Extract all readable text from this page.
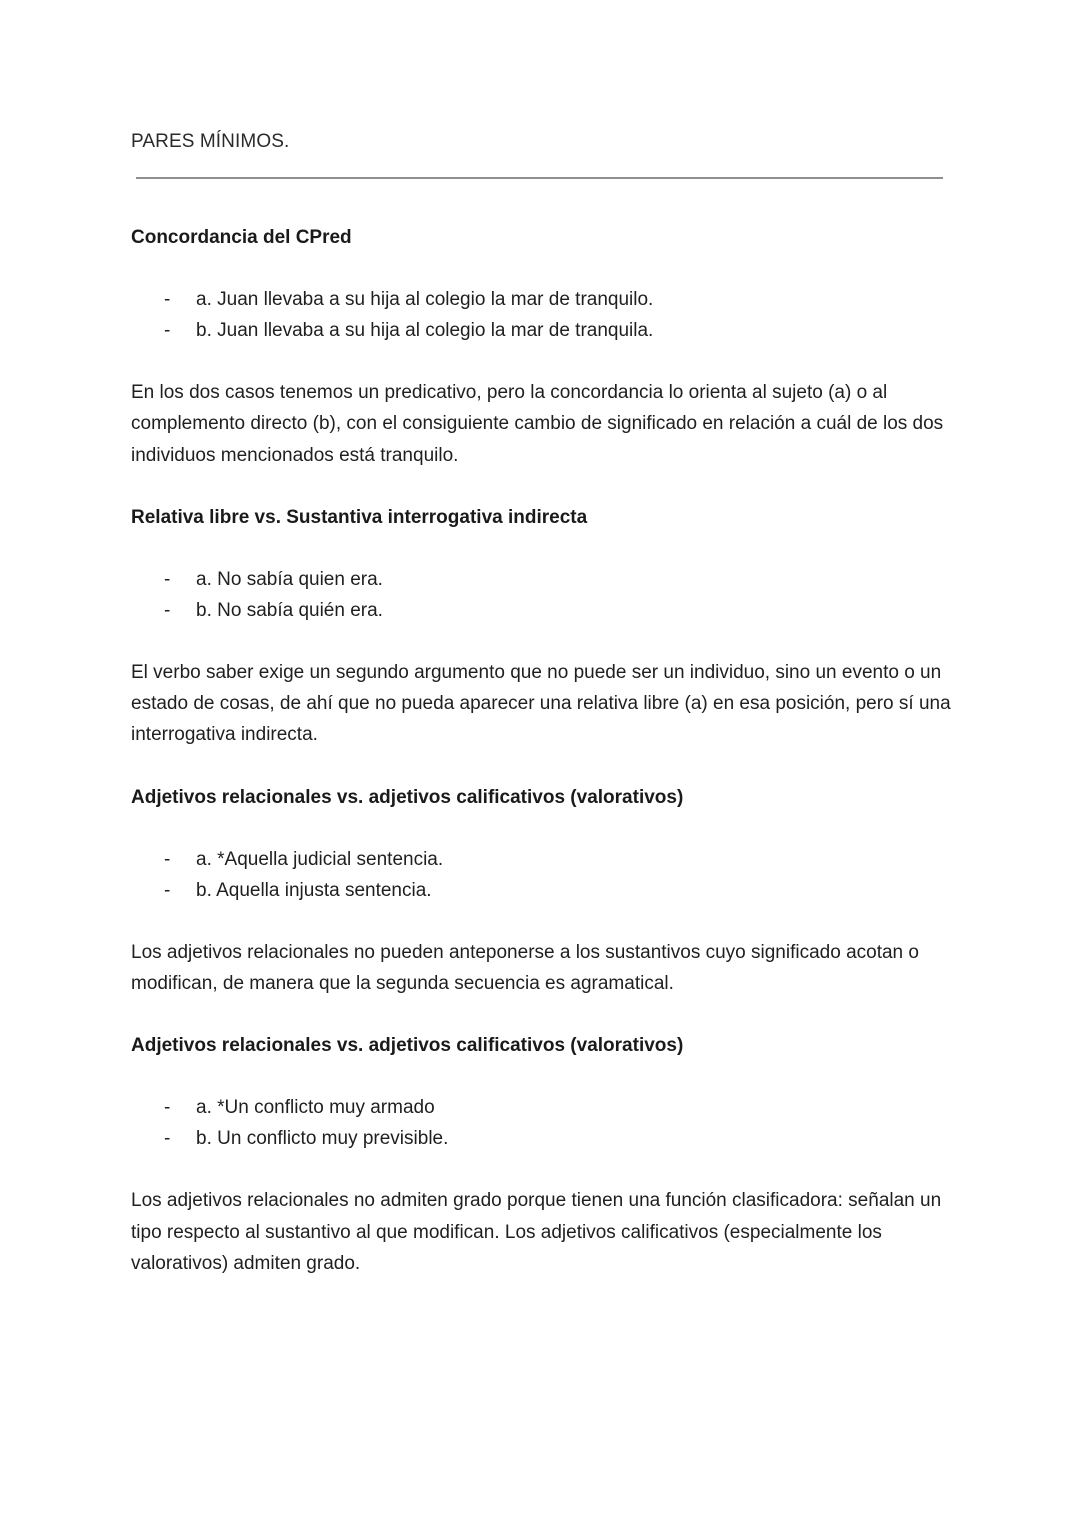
PARES MÍNIMOS.
Concordancia del CPred
- a. Juan llevaba a su hija al colegio la mar de tranquilo.
- b. Juan llevaba a su hija al colegio la mar de tranquila.

En los dos casos tenemos un predicativo, pero la concordancia lo orienta al sujeto (a) o al complemento directo (b), con el consiguiente cambio de significado en relación a cuál de los dos individuos mencionados está tranquilo.

Relativa libre vs. Sustantiva interrogativa indirecta
- a. No sabía quien era.
- b. No sabía quién era.

El verbo saber exige un segundo argumento que no puede ser un individuo, sino un evento o un estado de cosas, de ahí que no pueda aparecer una relativa libre (a) en esa posición, pero sí una interrogativa indirecta.

Adjetivos relacionales vs. adjetivos calificativos (valorativos)
- a. *Aquella judicial sentencia.
- b. Aquella injusta sentencia.

Los adjetivos relacionales no pueden anteponerse a los sustantivos cuyo significado acotan o modifican, de manera que la segunda secuencia es agramatical.

Adjetivos relacionales vs. adjetivos calificativos (valorativos)
- a. *Un conflicto muy armado
- b. Un conflicto muy previsible.

Los adjetivos relacionales no admiten grado porque tienen una función clasificadora: señalan un tipo respecto al sustantivo al que modifican. Los adjetivos calificativos (especialmente los valorativos) admiten grado.
